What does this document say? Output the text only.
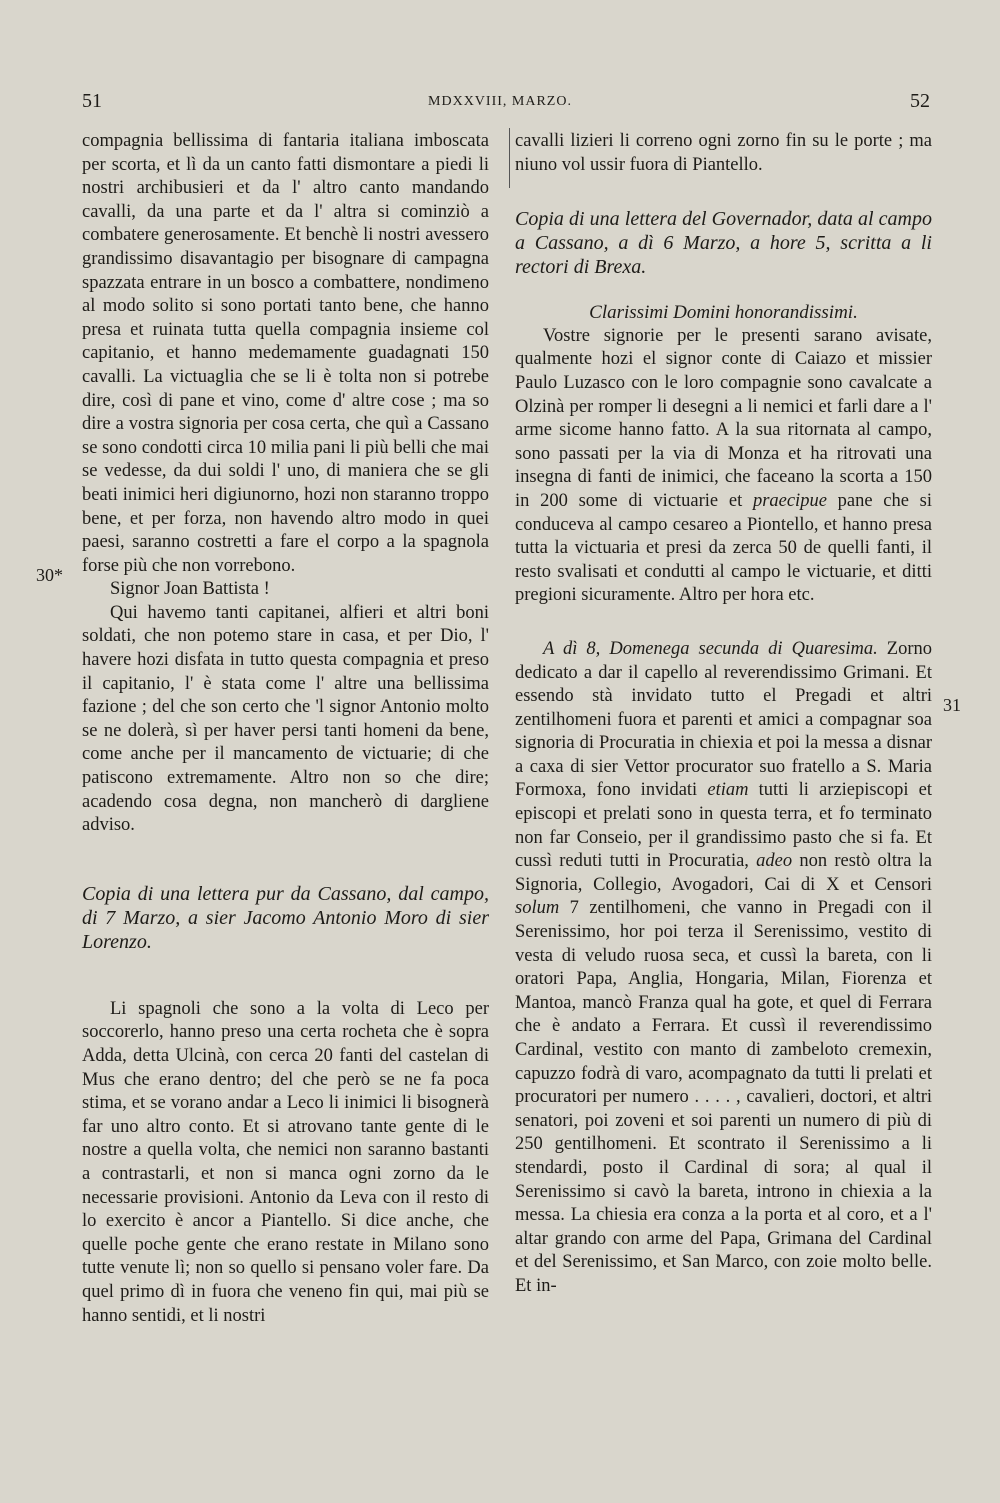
51	MDXXVIII, MARZO.	52
30*
31

compagnia bellissima di fantaria italiana imboscata per scorta, et lì da un canto fatti dismontare a piedi li nostri archibusieri et da l' altro canto mandando cavalli, da una parte et da l' altra si cominziò a combatere generosamente. Et benchè li nostri avessero grandissimo disavantagio per bisognare di campagna spazzata entrare in un bosco a combattere, nondimeno al modo solito si sono portati tanto bene, che hanno presa et ruinata tutta quella compagnia insieme col capitanio, et hanno medemamente guadagnati 150 cavalli. La victuaglia che se li è tolta non si potrebe dire, così di pane et vino, come d' altre cose ; ma so dire a vostra signoria per cosa certa, che quì a Cassano se sono condotti circa 10 milia pani li più belli che mai se vedesse, da dui soldi l' uno, di maniera che se gli beati inimici heri digiunorno, hozi non staranno troppo bene, et per forza, non havendo altro modo in quei paesi, saranno costretti a fare el corpo a la spagnola forse più che non vorrebono.

Signor Joan Battista !

Qui havemo tanti capitanei, alfieri et altri boni soldati, che non potemo stare in casa, et per Dio, l' havere hozi disfata in tutto questa compagnia et preso il capitanio, l' è stata come l' altre una bellissima fazione ; del che son certo che 'l signor Antonio molto se ne dolerà, sì per haver persi tanti homeni da bene, come anche per il mancamento de victuarie; di che patiscono extremamente. Altro non so che dire; acadendo cosa degna, non mancherò di dargliene adviso.

Copia di una lettera pur da Cassano, dal campo, di 7 Marzo, a sier Jacomo Antonio Moro di sier Lorenzo.

Li spagnoli che sono a la volta di Leco per soccorerlo, hanno preso una certa rocheta che è sopra Adda, detta Ulcinà, con cerca 20 fanti del castelan di Mus che erano dentro; del che però se ne fa poca stima, et se vorano andar a Leco li inimici li bisognerà far uno altro conto. Et si atrovano tante gente di le nostre a quella volta, che nemici non saranno bastanti a contrastarli, et non si manca ogni zorno da le necessarie provisioni. Antonio da Leva con il resto di lo exercito è ancor a Piantello. Si dice anche, che quelle poche gente che erano restate in Milano sono tutte venute lì; non so quello si pensano voler fare. Da quel primo dì in fuora che veneno fin qui, mai più se hanno sentidi, et li nostri

cavalli lizieri li correno ogni zorno fin su le porte ; ma niuno vol ussir fuora di Piantello.

Copia di una lettera del Governador, data al campo a Cassano, a dì 6 Marzo, a hore 5, scritta a li rectori di Brexa.

Clarissimi Domini honorandissimi.

Vostre signorie per le presenti sarano avisate, qualmente hozi el signor conte di Caiazo et missier Paulo Luzasco con le loro compagnie sono cavalcate a Olzinà per romper li desegni a li nemici et farli dare a l' arme sicome hanno fatto. A la sua ritornata al campo, sono passati per la via di Monza et ha ritrovati una insegna di fanti de inimici, che faceano la scorta a 150 in 200 some di victuarie et praecipue pane che si conduceva al campo cesareo a Piontello, et hanno presa tutta la victuaria et presi da zerca 50 de quelli fanti, il resto svalisati et condutti al campo le victuarie, et ditti pregioni sicuramente. Altro per hora etc.

A dì 8, Domenega secunda di Quaresima. Zorno dedicato a dar il capello al reverendissimo Grimani. Et essendo stà invidato tutto el Pregadi et altri zentilhomeni fuora et parenti et amici a compagnar soa signoria di Procuratia in chiexia et poi la messa a disnar a caxa di sier Vettor procurator suo fratello a S. Maria Formoxa, fono invidati etiam tutti li arziepiscopi et episcopi et prelati sono in questa terra, et fo terminato non far Conseio, per il grandissimo pasto che si fa. Et cussì reduti tutti in Procuratia, adeo non restò oltra la Signoria, Collegio, Avogadori, Cai di X et Censori solum 7 zentilhomeni, che vanno in Pregadi con il Serenissimo, hor poi terza il Serenissimo, vestito di vesta di veludo ruosa seca, et cussì la bareta, con li oratori Papa, Anglia, Hongaria, Milan, Fiorenza et Mantoa, mancò Franza qual ha gote, et quel di Ferrara che è andato a Ferrara. Et cussì il reverendissimo Cardinal, vestito con manto di zambeloto cremexin, capuzzo fodrà di varo, acompagnato da tutti li prelati et procuratori per numero . . . . , cavalieri, doctori, et altri senatori, poi zoveni et soi parenti un numero di più di 250 gentilhomeni. Et scontrato il Serenissimo a li stendardi, posto il Cardinal di sora; al qual il Serenissimo si cavò la bareta, introno in chiexia a la messa. La chiesia era conza a la porta et al coro, et a l' altar grando con arme del Papa, Grimana del Cardinal et del Serenissimo, et San Marco, con zoie molto belle. Et in-
